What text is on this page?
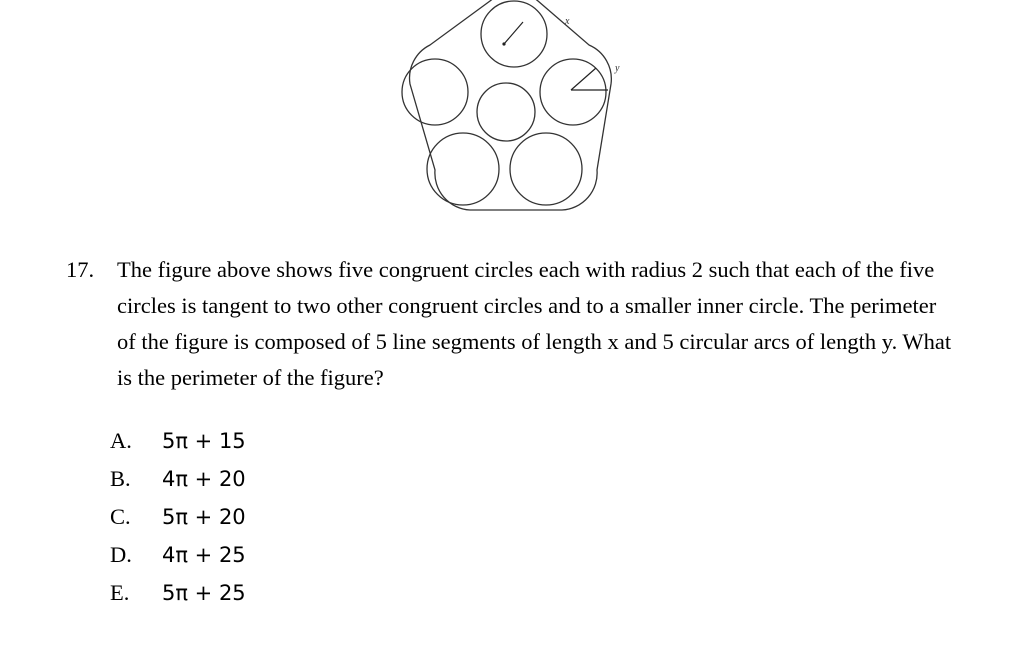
x
y
17. The figure above shows five congruent circles each with radius 2 such that each of the five circles is tangent to two other congruent circles and to a smaller inner circle. The perimeter of the figure is composed of 5 line segments of length x and 5 circular arcs of length y. What is the perimeter of the figure?
A.	5π + 15
B.	4π + 20
C.	5π + 20
D.	4π + 25
E.	5π + 25
